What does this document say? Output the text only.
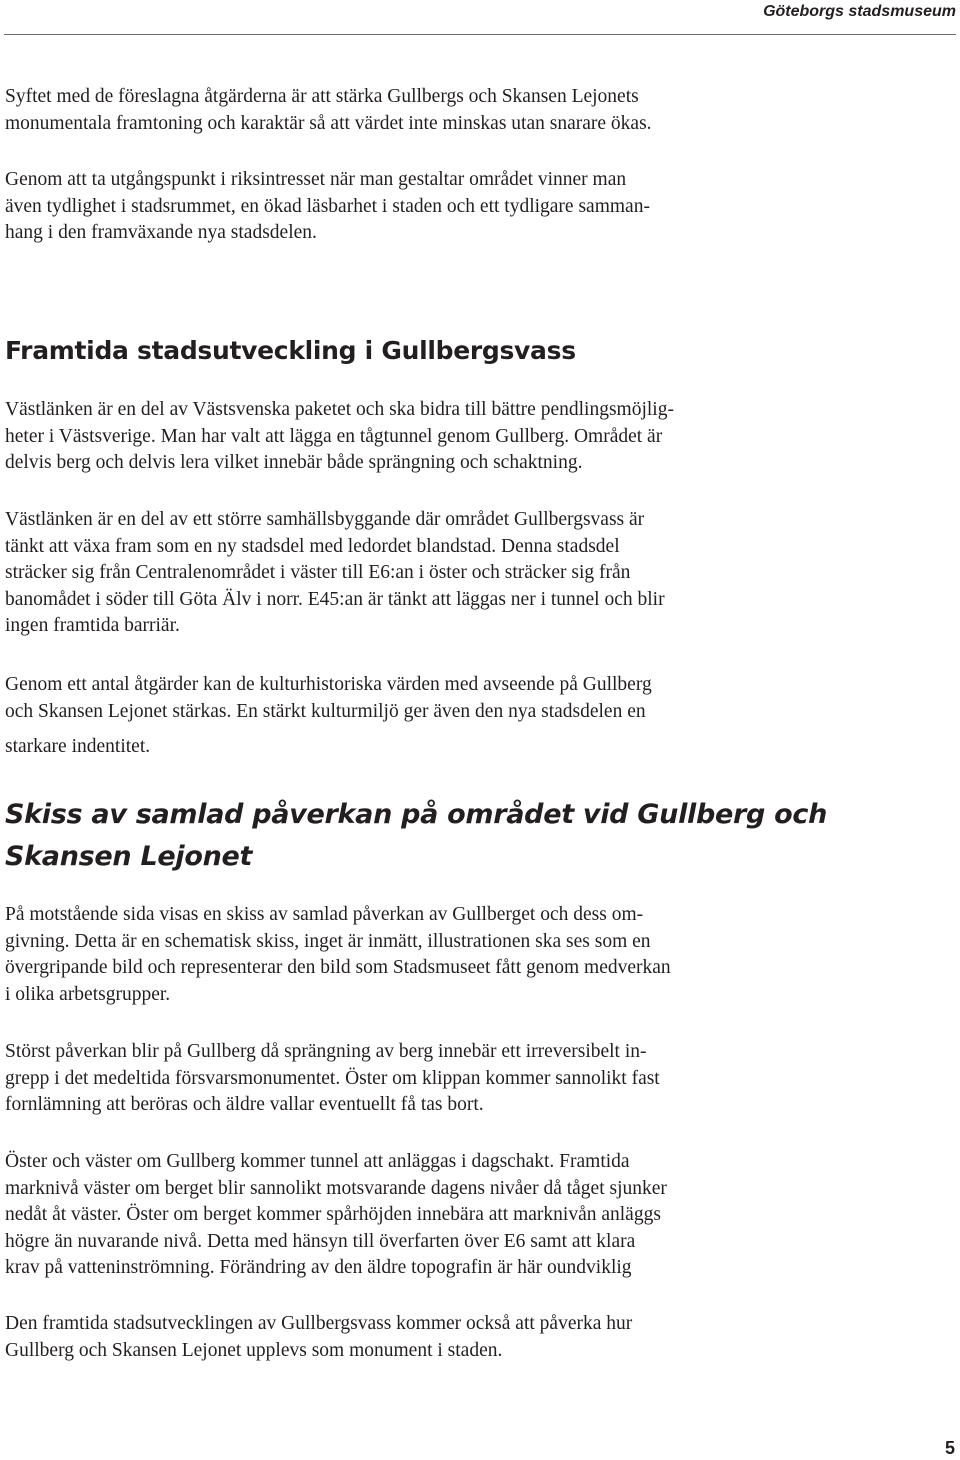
Göteborgs stadsmuseum

Syftet med de föreslagna åtgärderna är att stärka Gullbergs och Skansen Lejonets
monumentala framtoning och karaktär så att värdet inte minskas utan snarare ökas.

Genom att ta utgångspunkt i riksintresset när man gestaltar området vinner man
även tydlighet i stadsrummet, en ökad läsbarhet i staden och ett tydligare samman-
hang i den framväxande nya stadsdelen.

Framtida stadsutveckling i Gullbergsvass

Västlänken är en del av Västsvenska paketet och ska bidra till bättre pendlingsmöjlig-
heter i Västsverige. Man har valt att lägga en tågtunnel genom Gullberg. Området är
delvis berg och delvis lera vilket innebär både sprängning och schaktning.

Västlänken är en del av ett större samhällsbyggande där området Gullbergsvass är
tänkt att växa fram som en ny stadsdel med ledordet blandstad. Denna stadsdel
sträcker sig från Centralenområdet i väster till E6:an i öster och sträcker sig från
banomådet i söder till Göta Älv i norr. E45:an är tänkt att läggas ner i tunnel och blir
ingen framtida barriär.

Genom ett antal åtgärder kan de kulturhistoriska värden med avseende på Gullberg
och Skansen Lejonet stärkas. En stärkt kulturmiljö ger även den nya stadsdelen en

starkare indentitet.

Skiss av samlad påverkan på området vid Gullberg och
Skansen Lejonet

På motstående sida visas en skiss av samlad påverkan av Gullberget och dess om-
givning. Detta är en schematisk skiss, inget är inmätt, illustrationen ska ses som en
övergripande bild och representerar den bild som Stadsmuseet fått genom medverkan
i olika arbetsgrupper.

Störst påverkan blir på Gullberg då sprängning av berg innebär ett irreversibelt in-
grepp i det medeltida försvarsmonumentet. Öster om klippan kommer sannolikt fast
fornlämning att beröras och äldre vallar eventuellt få tas bort.

Öster och väster om Gullberg kommer tunnel att anläggas i dagschakt. Framtida
marknivå väster om berget blir sannolikt motsvarande dagens nivåer då tåget sjunker
nedåt åt väster. Öster om berget kommer spårhöjden innebära att marknivån anläggs
högre än nuvarande nivå. Detta med hänsyn till överfarten över E6 samt att klara
krav på vatteninströmning. Förändring av den äldre topografin är här oundviklig

Den framtida stadsutvecklingen av Gullbergsvass kommer också att påverka hur
Gullberg och Skansen Lejonet upplevs som monument i staden.

5
